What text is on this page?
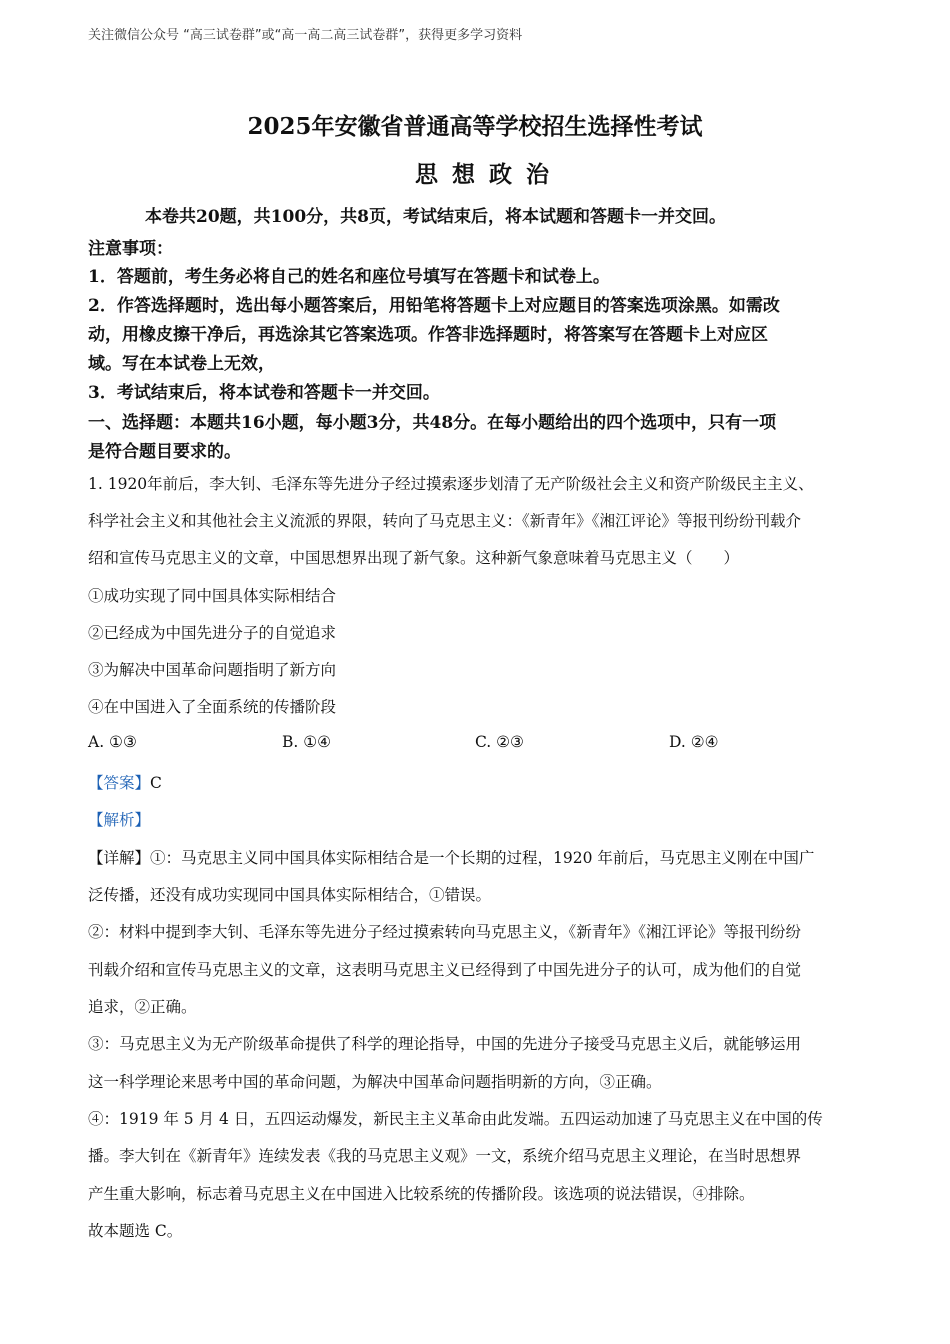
关注微信公众号 “高三试卷群”或“高一高二高三试卷群”，获得更多学习资料
2025年安徽省普通高等学校招生选择性考试
思想政治
本卷共20题，共100分，共8页，考试结束后，将本试题和答题卡一并交回。
注意事项：
1．答题前，考生务必将自己的姓名和座位号填写在答题卡和试卷上。
2．作答选择题时，选出每小题答案后，用铅笔将答题卡上对应题目的答案选项涂黑。如需改
动，用橡皮擦干净后，再选涂其它答案选项。作答非选择题时，将答案写在答题卡上对应区
域。写在本试卷上无效，
3．考试结束后，将本试卷和答题卡一并交回。
一、选择题：本题共16小题，每小题3分，共48分。在每小题给出的四个选项中，只有一项
是符合题目要求的。
1. 1920年前后，李大钊、毛泽东等先进分子经过摸索逐步划清了无产阶级社会主义和资产阶级民主主义、
科学社会主义和其他社会主义流派的界限，转向了马克思主义：《新青年》《湘江评论》等报刊纷纷刊载介
绍和宣传马克思主义的文章，中国思想界出现了新气象。这种新气象意味着马克思主义（　　）
①成功实现了同中国具体实际相结合
②已经成为中国先进分子的自觉追求
③为解决中国革命问题指明了新方向
④在中国进入了全面系统的传播阶段
A. ①③	B. ①④	C. ②③	D. ②④
【答案】C
【解析】
【详解】①：马克思主义同中国具体实际相结合是一个长期的过程，1920 年前后，马克思主义刚在中国广
泛传播，还没有成功实现同中国具体实际相结合，①错误。
②：材料中提到李大钊、毛泽东等先进分子经过摸索转向马克思主义，《新青年》《湘江评论》等报刊纷纷
刊载介绍和宣传马克思主义的文章，这表明马克思主义已经得到了中国先进分子的认可，成为他们的自觉
追求，②正确。
③：马克思主义为无产阶级革命提供了科学的理论指导，中国的先进分子接受马克思主义后，就能够运用
这一科学理论来思考中国的革命问题，为解决中国革命问题指明新的方向，③正确。
④：1919 年 5 月 4 日，五四运动爆发，新民主主义革命由此发端。五四运动加速了马克思主义在中国的传
播。李大钊在《新青年》连续发表《我的马克思主义观》一文，系统介绍马克思主义理论，在当时思想界
产生重大影响，标志着马克思主义在中国进入比较系统的传播阶段。该选项的说法错误，④排除。
故本题选 C。
